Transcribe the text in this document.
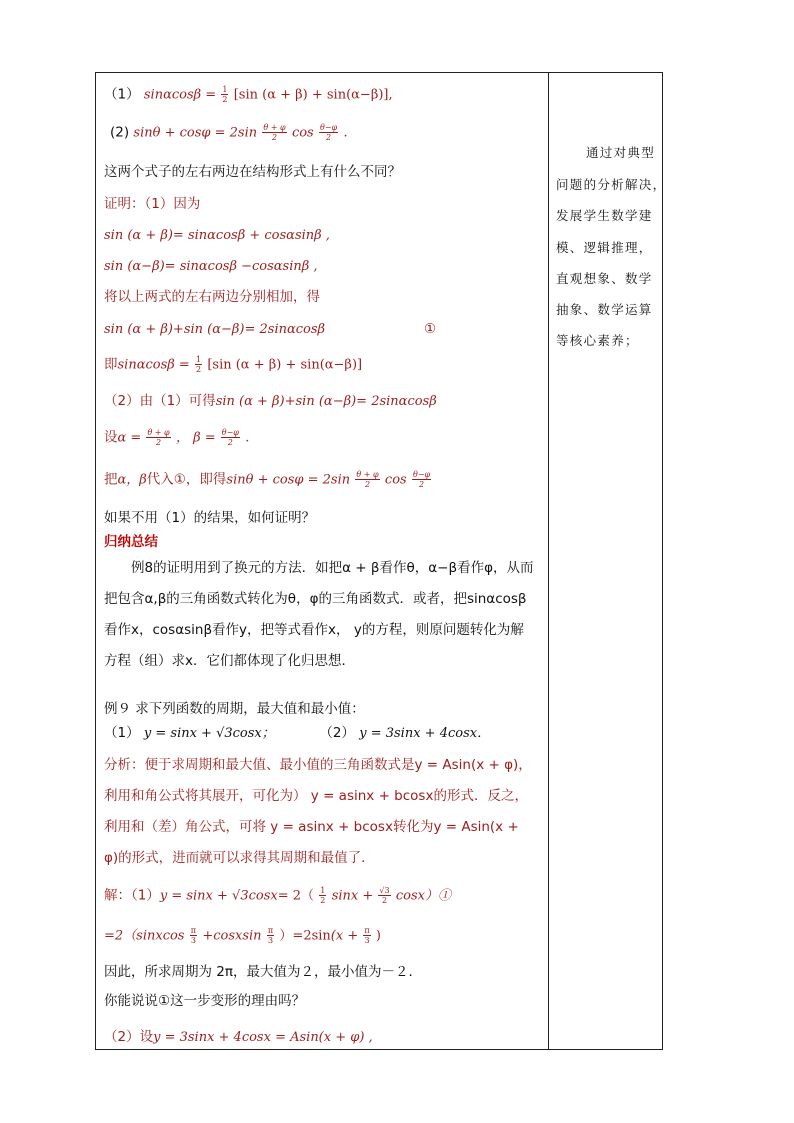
（1） $\sin\alpha\cos\beta = \frac{1}{2} [\sin$ (α + β) + sin(α−β)],
(2) $\sin\theta + \cos\varphi = 2\sin \frac{\theta + \varphi}{2}$ $\cos \frac{\theta-\varphi}{2}$ .
这两个式子的左右两边在结构形式上有什么不同？
证明：（1）因为
sin (α + β)= sinαcosβ + cosαsinβ ,
sin (α−β)= sinαcosβ −cosαsinβ ,
将以上两式的左右两边分别相加，得
sin (α + β)+sin (α−β)= 2sinαcosβ	①
即$\sin\alpha\cos\beta = \frac{1}{2} [\sin$ (α + β) + sin(α−β)]
（2）由（1）可得sin (α + β)+sin (α−β)= 2sinαcosβ
设$\alpha = \frac{\theta + \varphi}{2}$ ， $\beta = \frac{\theta-\varphi}{2}$ .
把α，β代入①，即得$\sin\theta + \cos\varphi = 2\sin \frac{\theta + \varphi}{2}$ $\cos \frac{\theta-\varphi}{2}$
如果不用（1）的结果，如何证明？
归纳总结
　　例8的证明用到了换元的方法．如把α + β看作θ，α−β看作φ，从而把包含α,β的三角函数式转化为θ，φ的三角函数式．或者，把sinαcosβ看作x，cosαsinβ看作y，把等式看作x， y的方程，则原问题转化为解方程（组）求x．它们都体现了化归思想．
例９ 求下列函数的周期，最大值和最小值：
（1） y = sinx + √3cosx；	（2） y = 3sinx + 4cosx．
分析：便于求周期和最大值、最小值的三角函数式是y = Asin(x + φ)，利用和角公式将其展开，可化为） y = asinx + bcosx的形式．反之，利用和（差）角公式，可将 y = asinx + bcosx转化为y = Asin(x + φ)的形式，进而就可以求得其周期和最值了．
解：$(1)y = \sin x + √3\cos x= 2( \frac{1}{2}$ $\sin x + \frac{√3}{2}$ cosx）①
=2（sinxcos $\frac{\pi}{3}$ +cosxsin $\frac{\pi}{3} )=2\sin(x + \frac{\pi}{3}$ )
因此，所求周期为 2π，最大值为２，最小值为－２．
你能说说①这一步变形的理由吗？
（2）设y = 3sinx + 4cosx = Asin(x + φ) ,
通过对典型
问题的分析解决，
发展学生数学建
模、逻辑推理，
直观想象、数学
抽象、数学运算
等核心素养；
